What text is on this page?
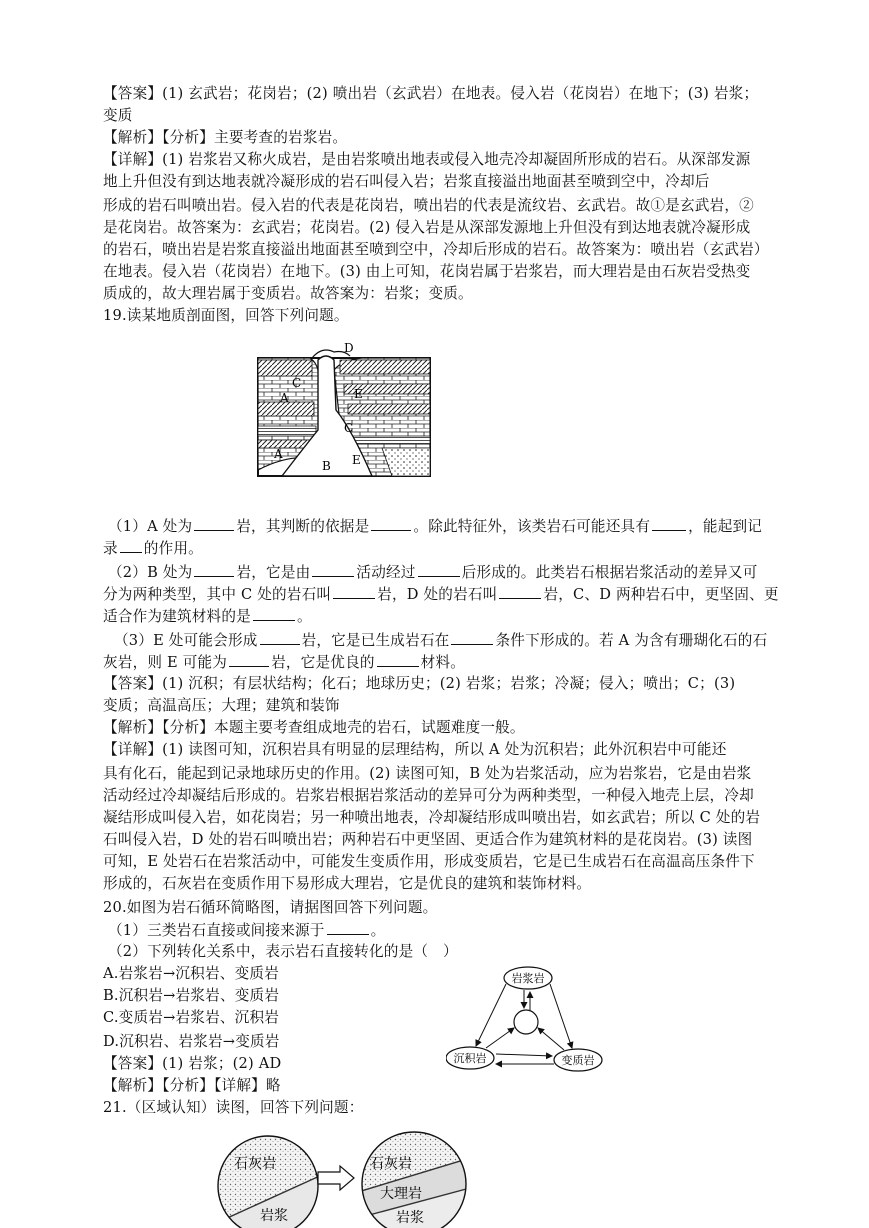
【答案】(1) 玄武岩；花岗岩；(2) 喷出岩（玄武岩）在地表。侵入岩（花岗岩）在地下；(3) 岩浆；
变质
【解析】【分析】主要考查的岩浆岩。
【详解】(1) 岩浆岩又称火成岩，是由岩浆喷出地表或侵入地壳冷却凝固所形成的岩石。从深部发源
地上升但没有到达地表就冷凝形成的岩石叫侵入岩；岩浆直接溢出地面甚至喷到空中，冷却后
形成的岩石叫喷出岩。侵入岩的代表是花岗岩，喷出岩的代表是流纹岩、玄武岩。故①是玄武岩，②
是花岗岩。故答案为：玄武岩；花岗岩。(2) 侵入岩是从深部发源地上升但没有到达地表就冷凝形成
的岩石，喷出岩是岩浆直接溢出地面甚至喷到空中，冷却后形成的岩石。故答案为：喷出岩（玄武岩）
在地表。侵入岩（花岗岩）在地下。(3) 由上可知，花岗岩属于岩浆岩，而大理岩是由石灰岩受热变
质成的，故大理岩属于变质岩。故答案为：岩浆；变质。
19.读某地质剖面图，回答下列问题。
D
C
A	E
C
A
B E
（1）A 处为	岩，其判断的依据是	。除此特征外，该类岩石可能还具有	，能起到记
录 的作用。
（2）B 处为	岩，它是由	活动经过	后形成的。此类岩石根据岩浆活动的差异又可
分为两种类型，其中 C 处的岩石叫	岩，D 处的岩石叫	岩，C、D 两种岩石中，更坚固、更
适合作为建筑材料的是	。
（3）E 处可能会形成	岩，它是已生成岩石在	条件下形成的。若 A 为含有珊瑚化石的石
灰岩，则 E 可能为	岩，它是优良的	材料。
【答案】(1) 沉积；有层状结构；化石；地球历史；(2) 岩浆；岩浆；冷凝；侵入；喷出；C；(3)
变质；高温高压；大理；建筑和装饰
【解析】【分析】本题主要考查组成地壳的岩石，试题难度一般。
【详解】(1) 读图可知，沉积岩具有明显的层理结构，所以 A 处为沉积岩；此外沉积岩中可能还
具有化石，能起到记录地球历史的作用。(2) 读图可知，B 处为岩浆活动，应为岩浆岩，它是由岩浆
活动经过冷却凝结后形成的。岩浆岩根据岩浆活动的差异可分为两种类型，一种侵入地壳上层，冷却
凝结形成叫侵入岩，如花岗岩；另一种喷出地表，冷却凝结形成叫喷出岩，如玄武岩；所以 C 处的岩
石叫侵入岩，D 处的岩石叫喷出岩；两种岩石中更坚固、更适合作为建筑材料的是花岗岩。(3) 读图
可知，E 处岩石在岩浆活动中，可能发生变质作用，形成变质岩，它是已生成岩石在高温高压条件下
形成的，石灰岩在变质作用下易形成大理岩，它是优良的建筑和装饰材料。
20.如图为岩石循环简略图，请据图回答下列问题。
（1）三类岩石直接或间接来源于	。
（2）下列转化关系中，表示岩石直接转化的是（　）
A.岩浆岩→沉积岩、变质岩
B.沉积岩→岩浆岩、变质岩
C.变质岩→岩浆岩、沉积岩
D.沉积岩、岩浆岩→变质岩
【答案】(1) 岩浆；(2) AD
【解析】【分析】【详解】略
岩浆岩
沉积岩	变质岩
21.（区域认知）读图，回答下列问题：
石灰岩
岩浆
石灰岩
大理岩
岩浆
